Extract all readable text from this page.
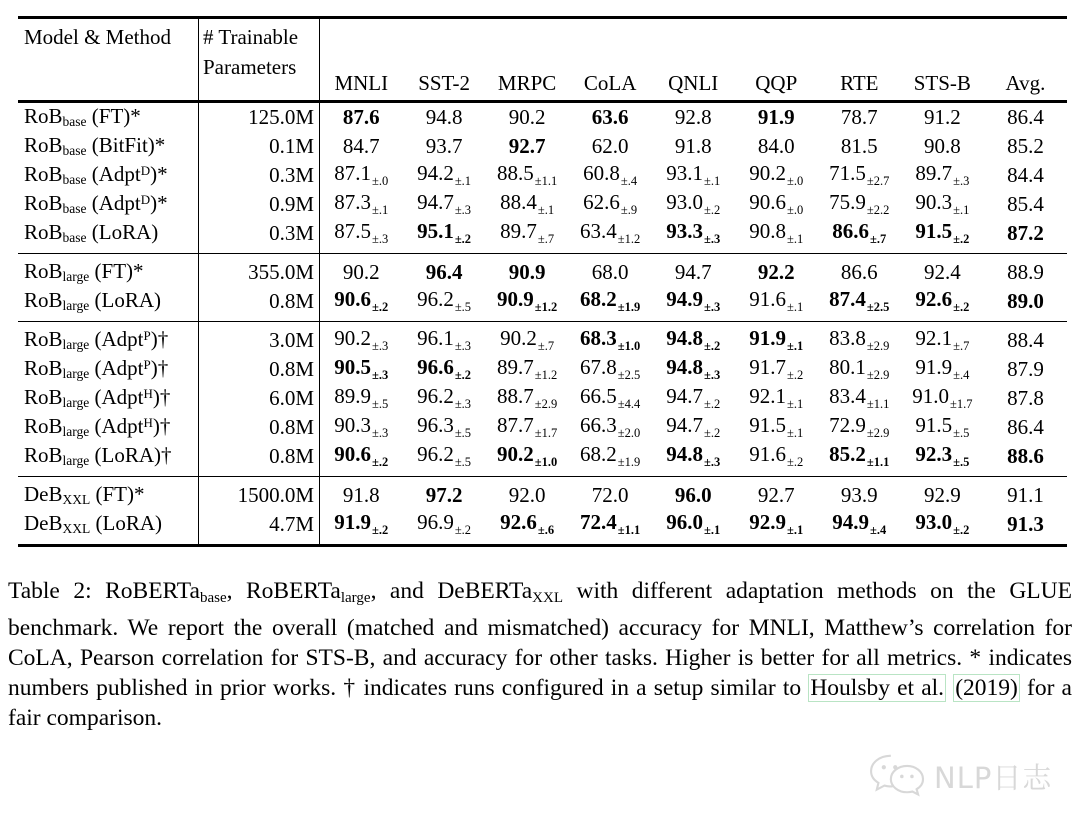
Model & Method	# Trainable
Parameters	MNLI	SST-2	MRPC	CoLA	QNLI	QQP	RTE	STS-B	Avg.
RoB$_{base}$ (FT)*	125.0M	87.6	94.8	90.2	63.6	92.8	91.9	78.7	91.2	86.4
RoB$_{base}$ (BitFit)*	0.1M	84.7	93.7	92.7	62.0	91.8	84.0	81.5	90.8	85.2
RoB$_{base}$ (Adpt$^D$)*	0.3M	$87.1_{\pm.0}$	$94.2_{\pm.1}$	$88.5_{\pm 1.1}$	$60.8_{\pm.4}$	$93.1_{\pm.1}$	$90.2_{\pm.0}$	$71.5_{\pm 2.7}$	$89.7_{\pm.3}$	84.4
RoB$_{base}$ (Adpt$^D$)*	0.9M	$87.3_{\pm.1}$	$94.7_{\pm.3}$	$88.4_{\pm.1}$	$62.6_{\pm.9}$	$93.0_{\pm.2}$	$90.6_{\pm.0}$	$75.9_{\pm 2.2}$	$90.3_{\pm.1}$	85.4
RoB$_{base}$ (LoRA)	0.3M	$87.5_{\pm.3}$	$95.1_{\pm.2}$	$89.7_{\pm.7}$	$63.4_{\pm 1.2}$	$93.3_{\pm.3}$	$90.8_{\pm.1}$	$86.6_{\pm.7}$	$91.5_{\pm.2}$	87.2
RoB$_{large}$ (FT)*	355.0M	90.2	96.4	90.9	68.0	94.7	92.2	86.6	92.4	88.9
RoB$_{large}$ (LoRA)	0.8M	$90.6_{\pm.2}$	$96.2_{\pm.5}$	$90.9_{\pm 1.2}$	$68.2_{\pm 1.9}$	$94.9_{\pm.3}$	$91.6_{\pm.1}$	$87.4_{\pm 2.5}$	$92.6_{\pm.2}$	89.0
RoB$_{large}$ (Adpt$^P$)†	3.0M	$90.2_{\pm.3}$	$96.1_{\pm.3}$	$90.2_{\pm.7}$	$68.3_{\pm 1.0}$	$94.8_{\pm.2}$	$91.9_{\pm.1}$	$83.8_{\pm 2.9}$	$92.1_{\pm.7}$	88.4
RoB$_{large}$ (Adpt$^P$)†	0.8M	$90.5_{\pm.3}$	$96.6_{\pm.2}$	$89.7_{\pm 1.2}$	$67.8_{\pm 2.5}$	$94.8_{\pm.3}$	$91.7_{\pm.2}$	$80.1_{\pm 2.9}$	$91.9_{\pm.4}$	87.9
RoB$_{large}$ (Adpt$^H$)†	6.0M	$89.9_{\pm.5}$	$96.2_{\pm.3}$	$88.7_{\pm 2.9}$	$66.5_{\pm 4.4}$	$94.7_{\pm.2}$	$92.1_{\pm.1}$	$83.4_{\pm 1.1}$	$91.0_{\pm 1.7}$	87.8
RoB$_{large}$ (Adpt$^H$)†	0.8M	$90.3_{\pm.3}$	$96.3_{\pm.5}$	$87.7_{\pm 1.7}$	$66.3_{\pm 2.0}$	$94.7_{\pm.2}$	$91.5_{\pm.1}$	$72.9_{\pm 2.9}$	$91.5_{\pm.5}$	86.4
RoB$_{large}$ (LoRA)†	0.8M	$90.6_{\pm.2}$	$96.2_{\pm.5}$	$90.2_{\pm 1.0}$	$68.2_{\pm 1.9}$	$94.8_{\pm.3}$	$91.6_{\pm.2}$	$85.2_{\pm 1.1}$	$92.3_{\pm.5}$	88.6
DeB$_{XXL}$ (FT)*	1500.0M	91.8	97.2	92.0	72.0	96.0	92.7	93.9	92.9	91.1
DeB$_{XXL}$ (LoRA)	4.7M	$91.9_{\pm.2}$	$96.9_{\pm.2}$	$92.6_{\pm.6}$	$72.4_{\pm 1.1}$	$96.0_{\pm.1}$	$92.9_{\pm.1}$	$94.9_{\pm.4}$	$93.0_{\pm.2}$	91.3

Table 2: RoBERTa$_{base}$, RoBERTa$_{large}$, and DeBERTa$_{XXL}$ with different adaptation methods on the GLUE benchmark. We report the overall (matched and mismatched) accuracy for MNLI, Matthew’s correlation for CoLA, Pearson correlation for STS-B, and accuracy for other tasks. Higher is better for all metrics. * indicates numbers published in prior works. † indicates runs configured in a setup similar to Houlsby et al. (2019) for a fair comparison.

NLP日志
